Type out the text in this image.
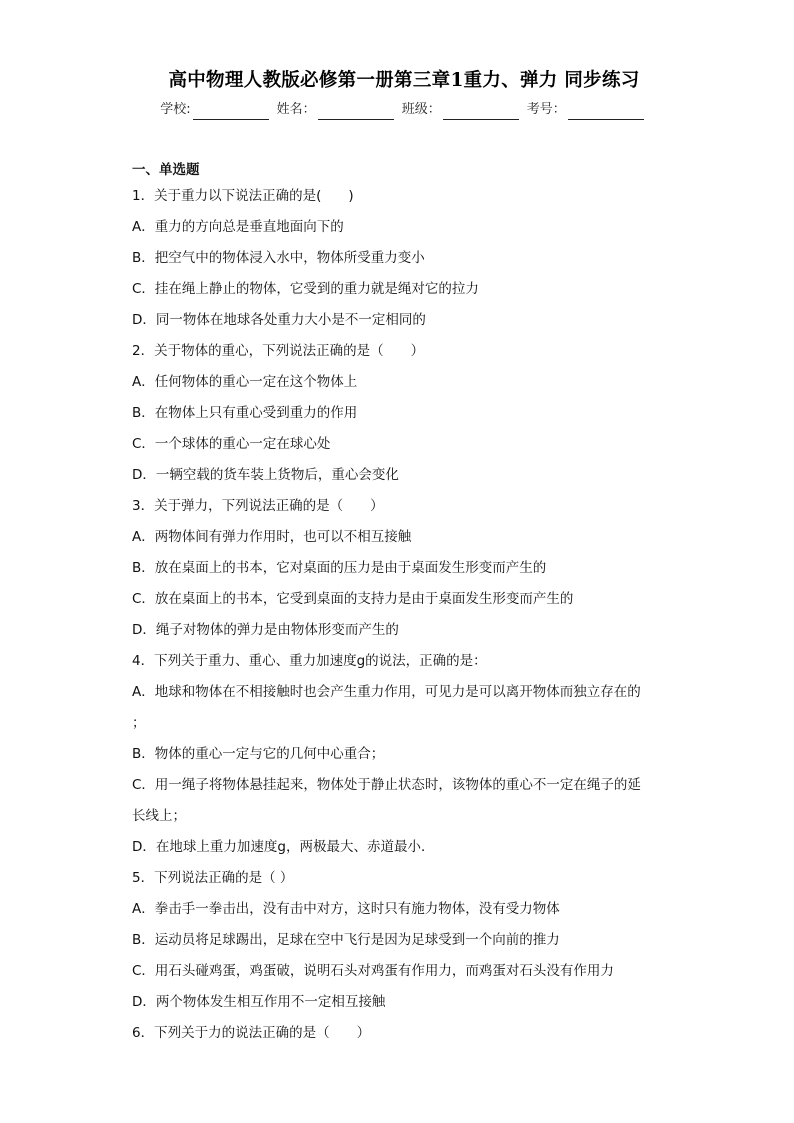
高中物理人教版必修第一册第三章1重力、弹力 同步练习
学校:	姓名：	班级：	考号：
一、单选题
1．关于重力以下说法正确的是(　　)
A．重力的方向总是垂直地面向下的
B．把空气中的物体浸入水中，物体所受重力变小
C．挂在绳上静止的物体，它受到的重力就是绳对它的拉力
D．同一物体在地球各处重力大小是不一定相同的
2．关于物体的重心，下列说法正确的是（　　）
A．任何物体的重心一定在这个物体上
B．在物体上只有重心受到重力的作用
C．一个球体的重心一定在球心处
D．一辆空载的货车装上货物后，重心会变化
3．关于弹力，下列说法正确的是（　　）
A．两物体间有弹力作用时，也可以不相互接触
B．放在桌面上的书本，它对桌面的压力是由于桌面发生形变而产生的
C．放在桌面上的书本，它受到桌面的支持力是由于桌面发生形变而产生的
D．绳子对物体的弹力是由物体形变而产生的
4．下列关于重力、重心、重力加速度g的说法，正确的是：
A．地球和物体在不相接触时也会产生重力作用，可见力是可以离开物体而独立存在的
；
B．物体的重心一定与它的几何中心重合；
C．用一绳子将物体悬挂起来，物体处于静止状态时，该物体的重心不一定在绳子的延
长线上；
D．在地球上重力加速度g，两极最大、赤道最小．
5．下列说法正确的是（ ）
A．拳击手一拳击出，没有击中对方，这时只有施力物体，没有受力物体
B．运动员将足球踢出，足球在空中飞行是因为足球受到一个向前的推力
C．用石头碰鸡蛋，鸡蛋破，说明石头对鸡蛋有作用力，而鸡蛋对石头没有作用力
D．两个物体发生相互作用不一定相互接触
6．下列关于力的说法正确的是（　　）
